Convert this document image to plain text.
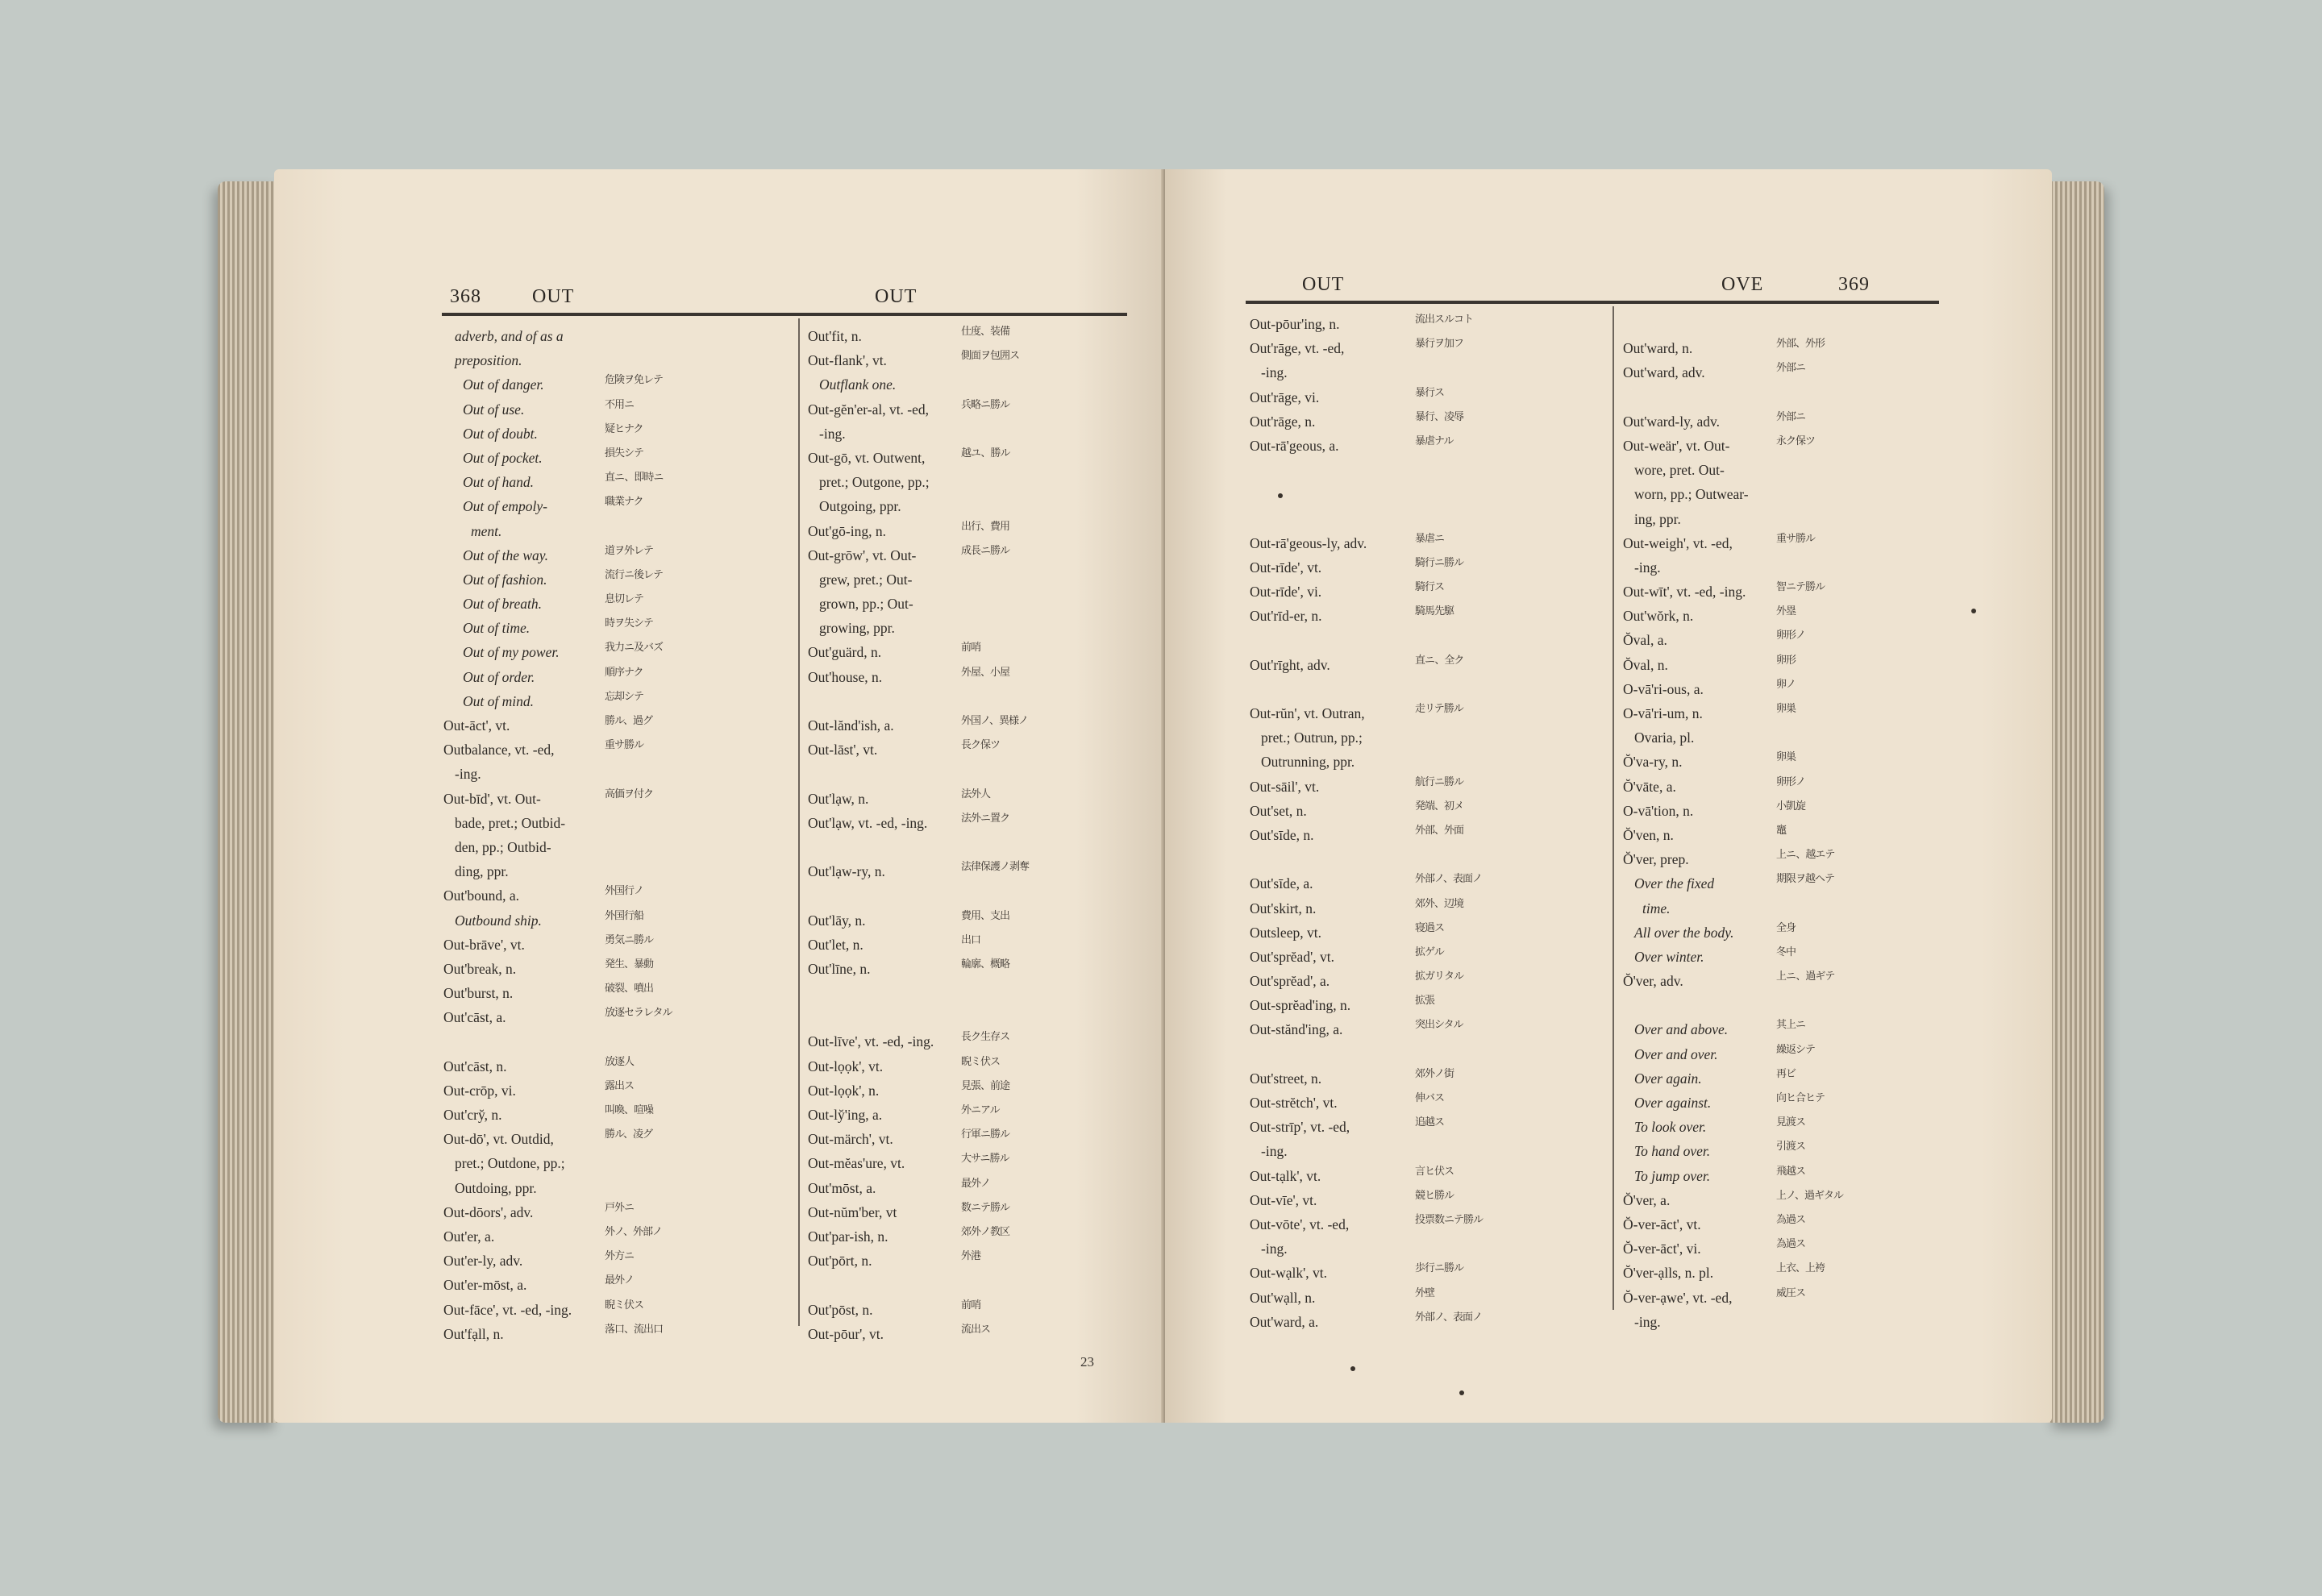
368	OUT	OUT
adverb, and of as a
preposition.
Out of danger.	危険ヲ免レテ
Out of use.	不用ニ
Out of doubt.	疑ヒナク
Out of pocket.	損失シテ
Out of hand.	直ニ、即時ニ
Out of empoly-	職業ナク
ment.
Out of the way.	道ヲ外レテ
Out of fashion.	流行ニ後レテ
Out of breath.	息切レテ
Out of time.	時ヲ失シテ
Out of my power.	我力ニ及バズ
Out of order.	順序ナク
Out of mind.	忘却シテ
Out-āct', vt.	勝ル、過グ
Outbalance, vt. -ed,	重サ勝ル
-ing.
Out-bīd', vt. Out-	高価ヲ付ク
bade, pret.; Outbid-
den, pp.; Outbid-
ding, ppr.
Out'bound, a.	外国行ノ
Outbound ship.	外国行船
Out-brāve', vt.	勇気ニ勝ル
Out'break, n.	発生、暴動
Out'burst, n.	破裂、噴出
Out'cāst, a.	放逐セラレタル
Out'cāst, n.	放逐人
Out-crōp, vi.	露出ス
Out'cry̆, n.	叫喚、喧噪
Out-dō', vt. Outdid,	勝ル、凌グ
pret.; Outdone, pp.;
Outdoing, ppr.
Out-dōors', adv.	戸外ニ
Out'er, a.	外ノ、外部ノ
Out'er-ly, adv.	外方ニ
Out'er-mōst, a.	最外ノ
Out-fāce', vt. -ed, -ing.	睨ミ伏ス
Out'fạll, n.	落口、流出口
Out'fit, n.	仕度、装備
Out-flank', vt.	側面ヲ包囲ス
Outflank one.
Out-gĕn'er-al, vt. -ed,	兵略ニ勝ル
-ing.
Out-gō, vt. Outwent,	越ユ、勝ル
pret.; Outgone, pp.;
Outgoing, ppr.
Out'gō-ing, n.	出行、費用
Out-grōw', vt. Out-	成長ニ勝ル
grew, pret.; Out-
grown, pp.; Out-
growing, ppr.
Out'guärd, n.	前哨
Out'house, n.	外屋、小屋
Out-lănd'ish, a.	外国ノ、異様ノ
Out-lāst', vt.	長ク保ツ
Out'lạw, n.	法外人
Out'lạw, vt. -ed, -ing.	法外ニ置ク
Out'lạw-ry, n.	法律保護ノ剥奪
Out'lāy, n.	費用、支出
Out'let, n.	出口
Out'līne, n.	輪廓、概略
Out-līve', vt. -ed, -ing.	長ク生存ス
Out-lọọk', vt.	睨ミ伏ス
Out-lọọk', n.	見張、前途
Out-ly̆'ing, a.	外ニアル
Out-märch', vt.	行軍ニ勝ル
Out-mĕas'ure, vt.	大サニ勝ル
Out'mōst, a.	最外ノ
Out-nŭm'ber, vt	数ニテ勝ル
Out'par-ish, n.	郊外ノ教区
Out'pōrt, n.	外港
Out'pōst, n.	前哨
Out-pōur', vt.	流出ス
23
OUT	OVE	369
Out-pōur'ing, n.	流出スルコト
Out'rāge, vt. -ed,	暴行ヲ加フ
-ing.
Out'rāge, vi.	暴行ス
Out'rāge, n.	暴行、凌辱
Out-rā'geous, a.	暴虐ナル
Out-rā'geous-ly, adv.	暴虐ニ
Out-rīde', vt.	騎行ニ勝ル
Out-rīde', vi.	騎行ス
Out'rīd-er, n.	騎馬先駆
Out'rīght, adv.	直ニ、全ク
Out-rŭn', vt. Outran,	走リテ勝ル
pret.; Outrun, pp.;
Outrunning, ppr.
Out-sāil', vt.	航行ニ勝ル
Out'set, n.	発端、初メ
Out'sīde, n.	外部、外面
Out'sīde, a.	外部ノ、表面ノ
Out'skirt, n.	郊外、辺境
Outsleep, vt.	寝過ス
Out'sprĕad', vt.	拡ゲル
Out'sprĕad', a.	拡ガリタル
Out-sprĕad'ing, n.	拡張
Out-stănd'ing, a.	突出シタル
Out'street, n.	郊外ノ街
Out-strĕtch', vt.	伸バス
Out-strīp', vt. -ed,	追越ス
-ing.
Out-tạlk', vt.	言ヒ伏ス
Out-vīe', vt.	競ヒ勝ル
Out-vōte', vt. -ed,	投票数ニテ勝ル
-ing.
Out-wạlk', vt.	歩行ニ勝ル
Out'wạll, n.	外壁
Out'ward, a.	外部ノ、表面ノ
Out'ward, n.	外部、外形
Out'ward, adv.	外部ニ
Out'ward-ly, adv.	外部ニ
Out-weär', vt. Out-	永ク保ツ
wore, pret. Out-
worn, pp.; Outwear-
ing, ppr.
Out-weigh', vt. -ed,	重サ勝ル
-ing.
Out-wīt', vt. -ed, -ing.	智ニテ勝ル
Out'wŏrk, n.	外塁
Ŏval, a.	卵形ノ
Ŏval, n.	卵形
O-vā'ri-ous, a.	卵ノ
O-vā'ri-um, n.	卵巣
Ovaria, pl.
Ŏ'va-ry, n.	卵巣
Ŏ'vāte, a.	卵形ノ
O-vā'tion, n.	小凱旋
Ŏ'ven, n.	竈
Ŏ'ver, prep.	上ニ、越エテ
Over the fixed	期限ヲ越ヘテ
time.
All over the body.	全身
Over winter.	冬中
Ŏ'ver, adv.	上ニ、過ギテ
Over and above.	其上ニ
Over and over.	繰返シテ
Over again.	再ビ
Over against.	向ヒ合ヒテ
To look over.	見渡ス
To hand over.	引渡ス
To jump over.	飛越ス
Ŏ'ver, a.	上ノ、過ギタル
Ŏ-ver-āct', vt.	為過ス
Ŏ-ver-āct', vi.	為過ス
Ŏ'ver-ạlls, n. pl.	上衣、上袴
Ŏ-ver-ạwe', vt. -ed,	威圧ス
-ing.
